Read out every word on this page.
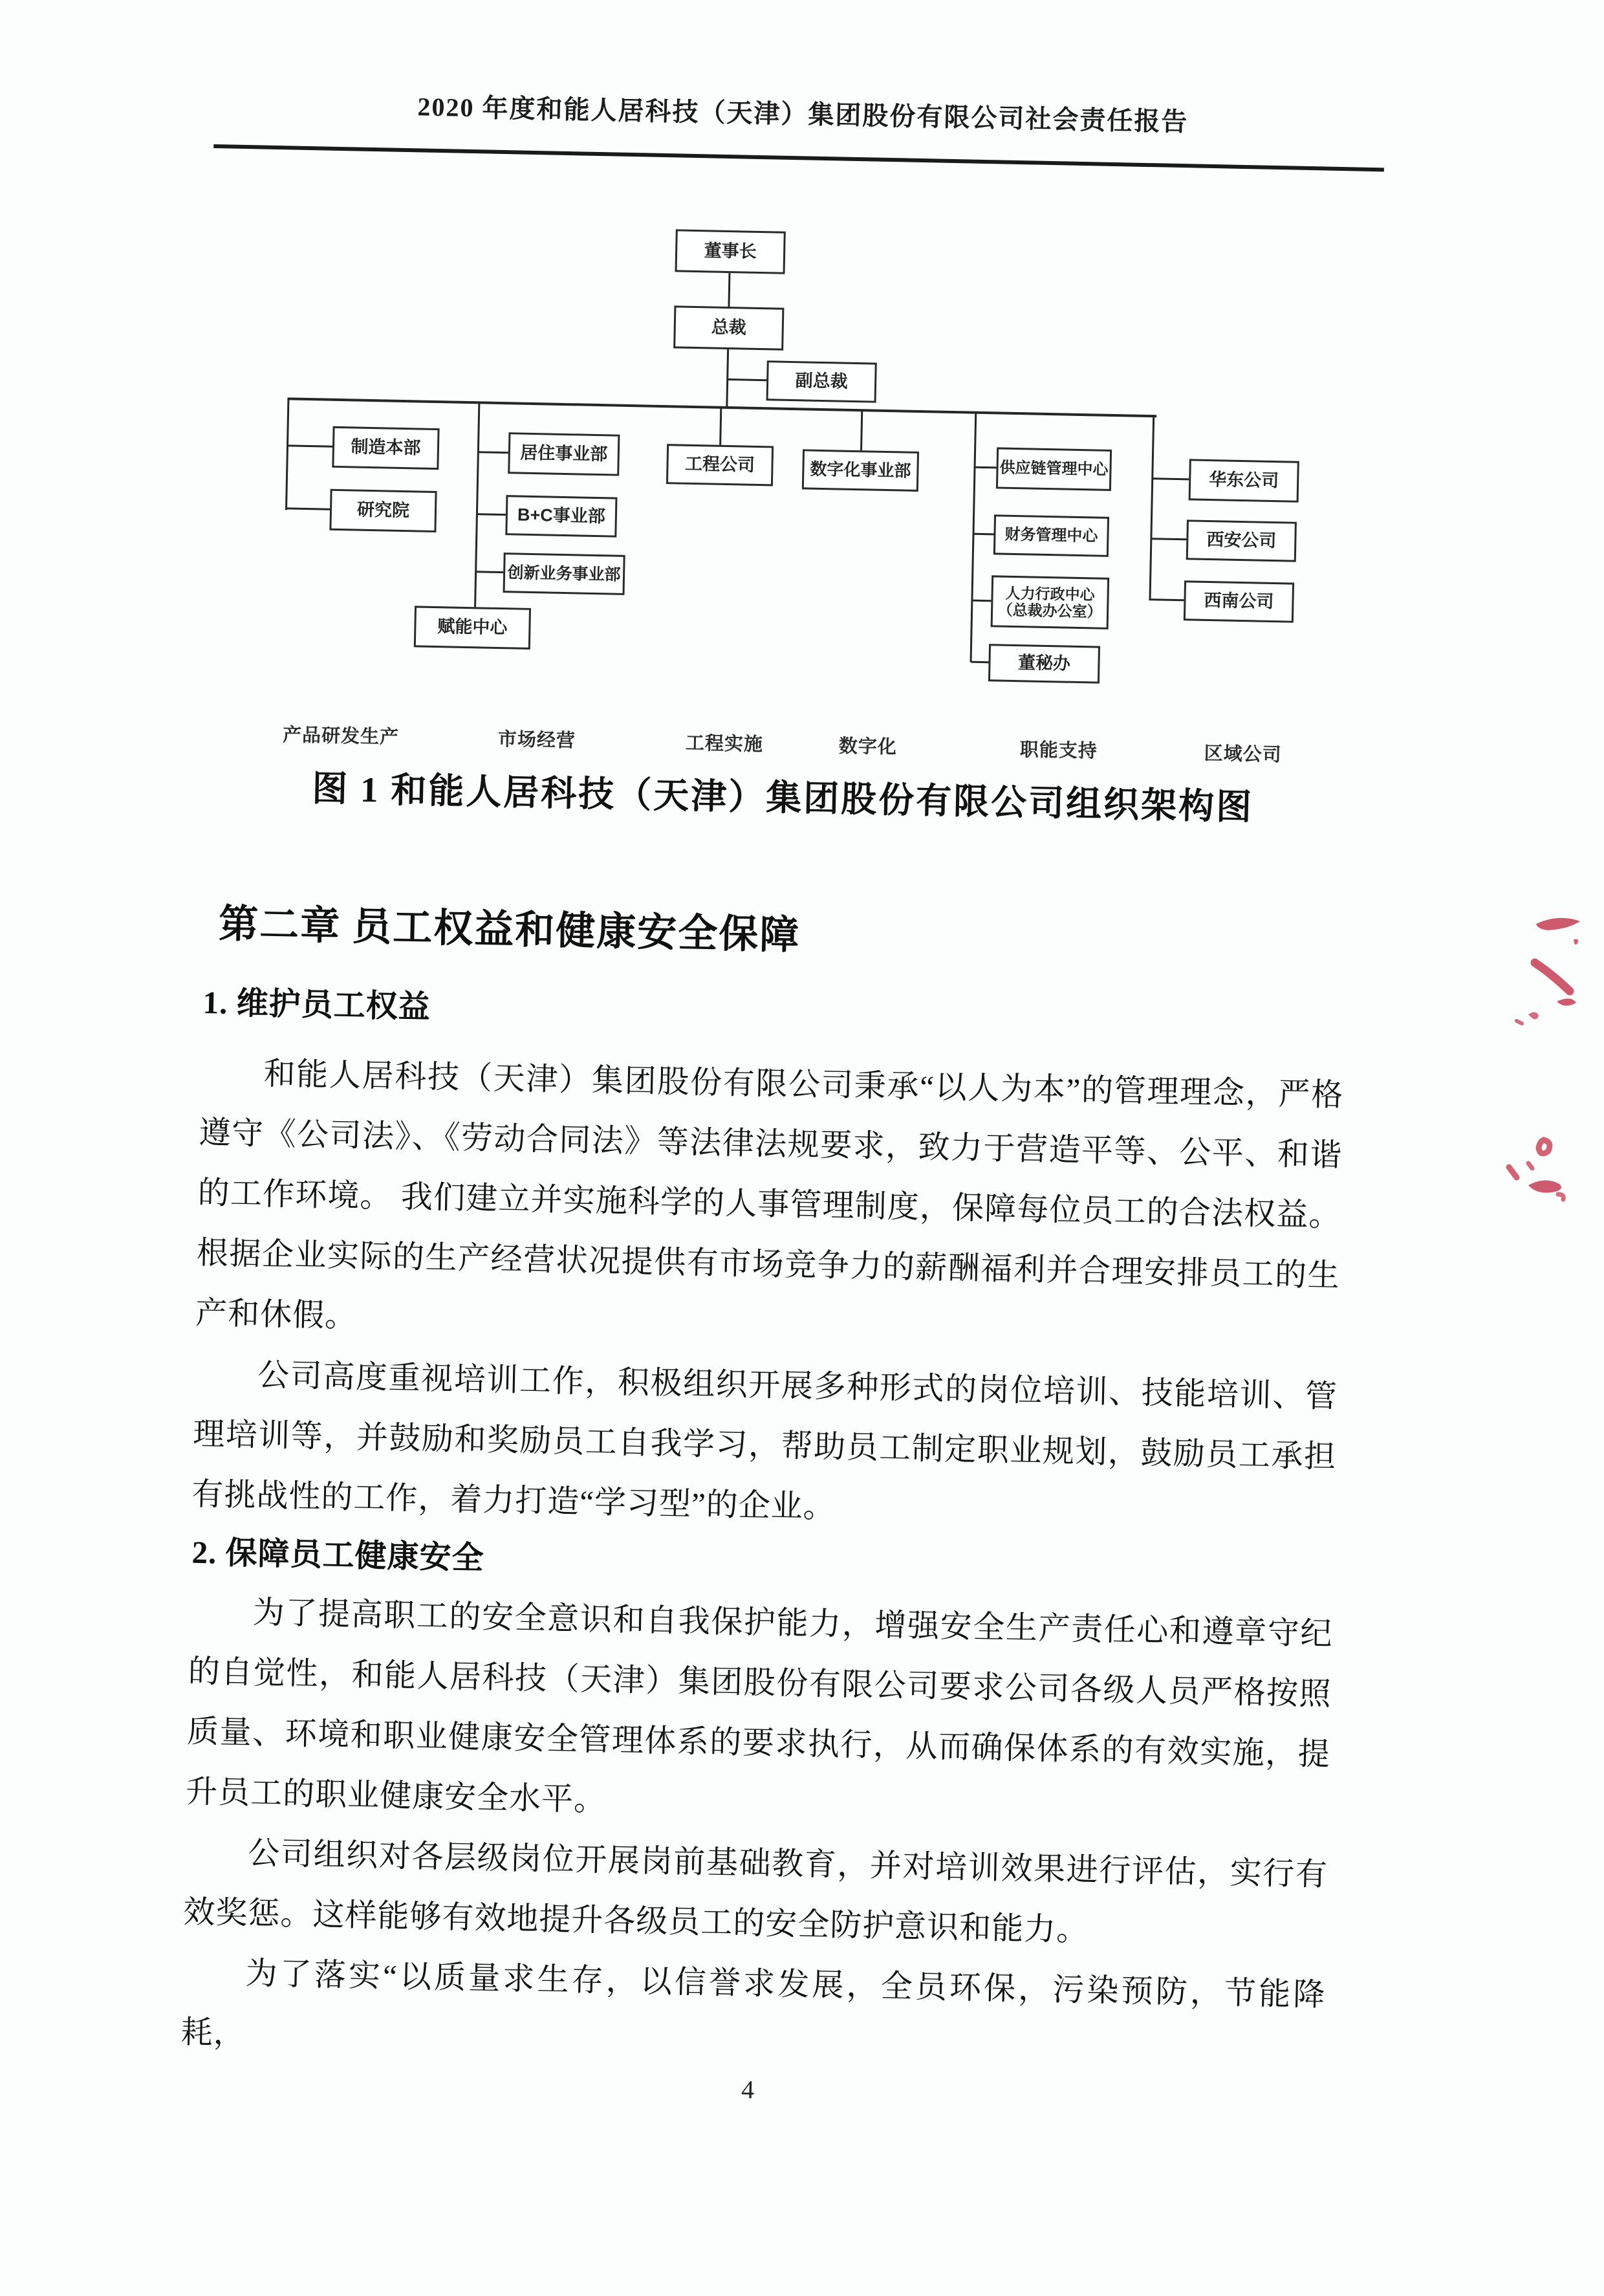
2020 年度和能人居科技（天津）集团股份有限公司社会责任报告
董事长
总裁
副总裁
制造本部
研究院
居住事业部
B+C事业部
创新业务事业部
赋能中心
工程公司	数字化事业部	供应链管理中心
财务管理中心
人力行政中心
（总裁办公室）
董秘办
华东公司
西安公司
西南公司
产品研发生产	市场经营	工程实施	数字化	职能支持	区域公司
图 1 和能人居科技（天津）集团股份有限公司组织架构图
第二章 员工权益和健康安全保障
1. 维护员工权益
和能人居科技（天津）集团股份有限公司秉承“以人为本”的管理理念，严格遵守《公司法》、《劳动合同法》等法律法规要求，致力于营造平等、公平、和谐的工作环境。 我们建立并实施科学的人事管理制度，保障每位员工的合法权益。根据企业实际的生产经营状况提供有市场竞争力的薪酬福利并合理安排员工的生产和休假。
公司高度重视培训工作，积极组织开展多种形式的岗位培训、技能培训、管理培训等，并鼓励和奖励员工自我学习，帮助员工制定职业规划，鼓励员工承担有挑战性的工作，着力打造“学习型”的企业。
2. 保障员工健康安全
为了提高职工的安全意识和自我保护能力，增强安全生产责任心和遵章守纪的自觉性，和能人居科技（天津）集团股份有限公司要求公司各级人员严格按照质量、环境和职业健康安全管理体系的要求执行，从而确保体系的有效实施，提升员工的职业健康安全水平。
公司组织对各层级岗位开展岗前基础教育，并对培训效果进行评估，实行有效奖惩。这样能够有效地提升各级员工的安全防护意识和能力。
为了落实“以质量求生存，以信誉求发展，全员环保，污染预防，节能降耗，
4
